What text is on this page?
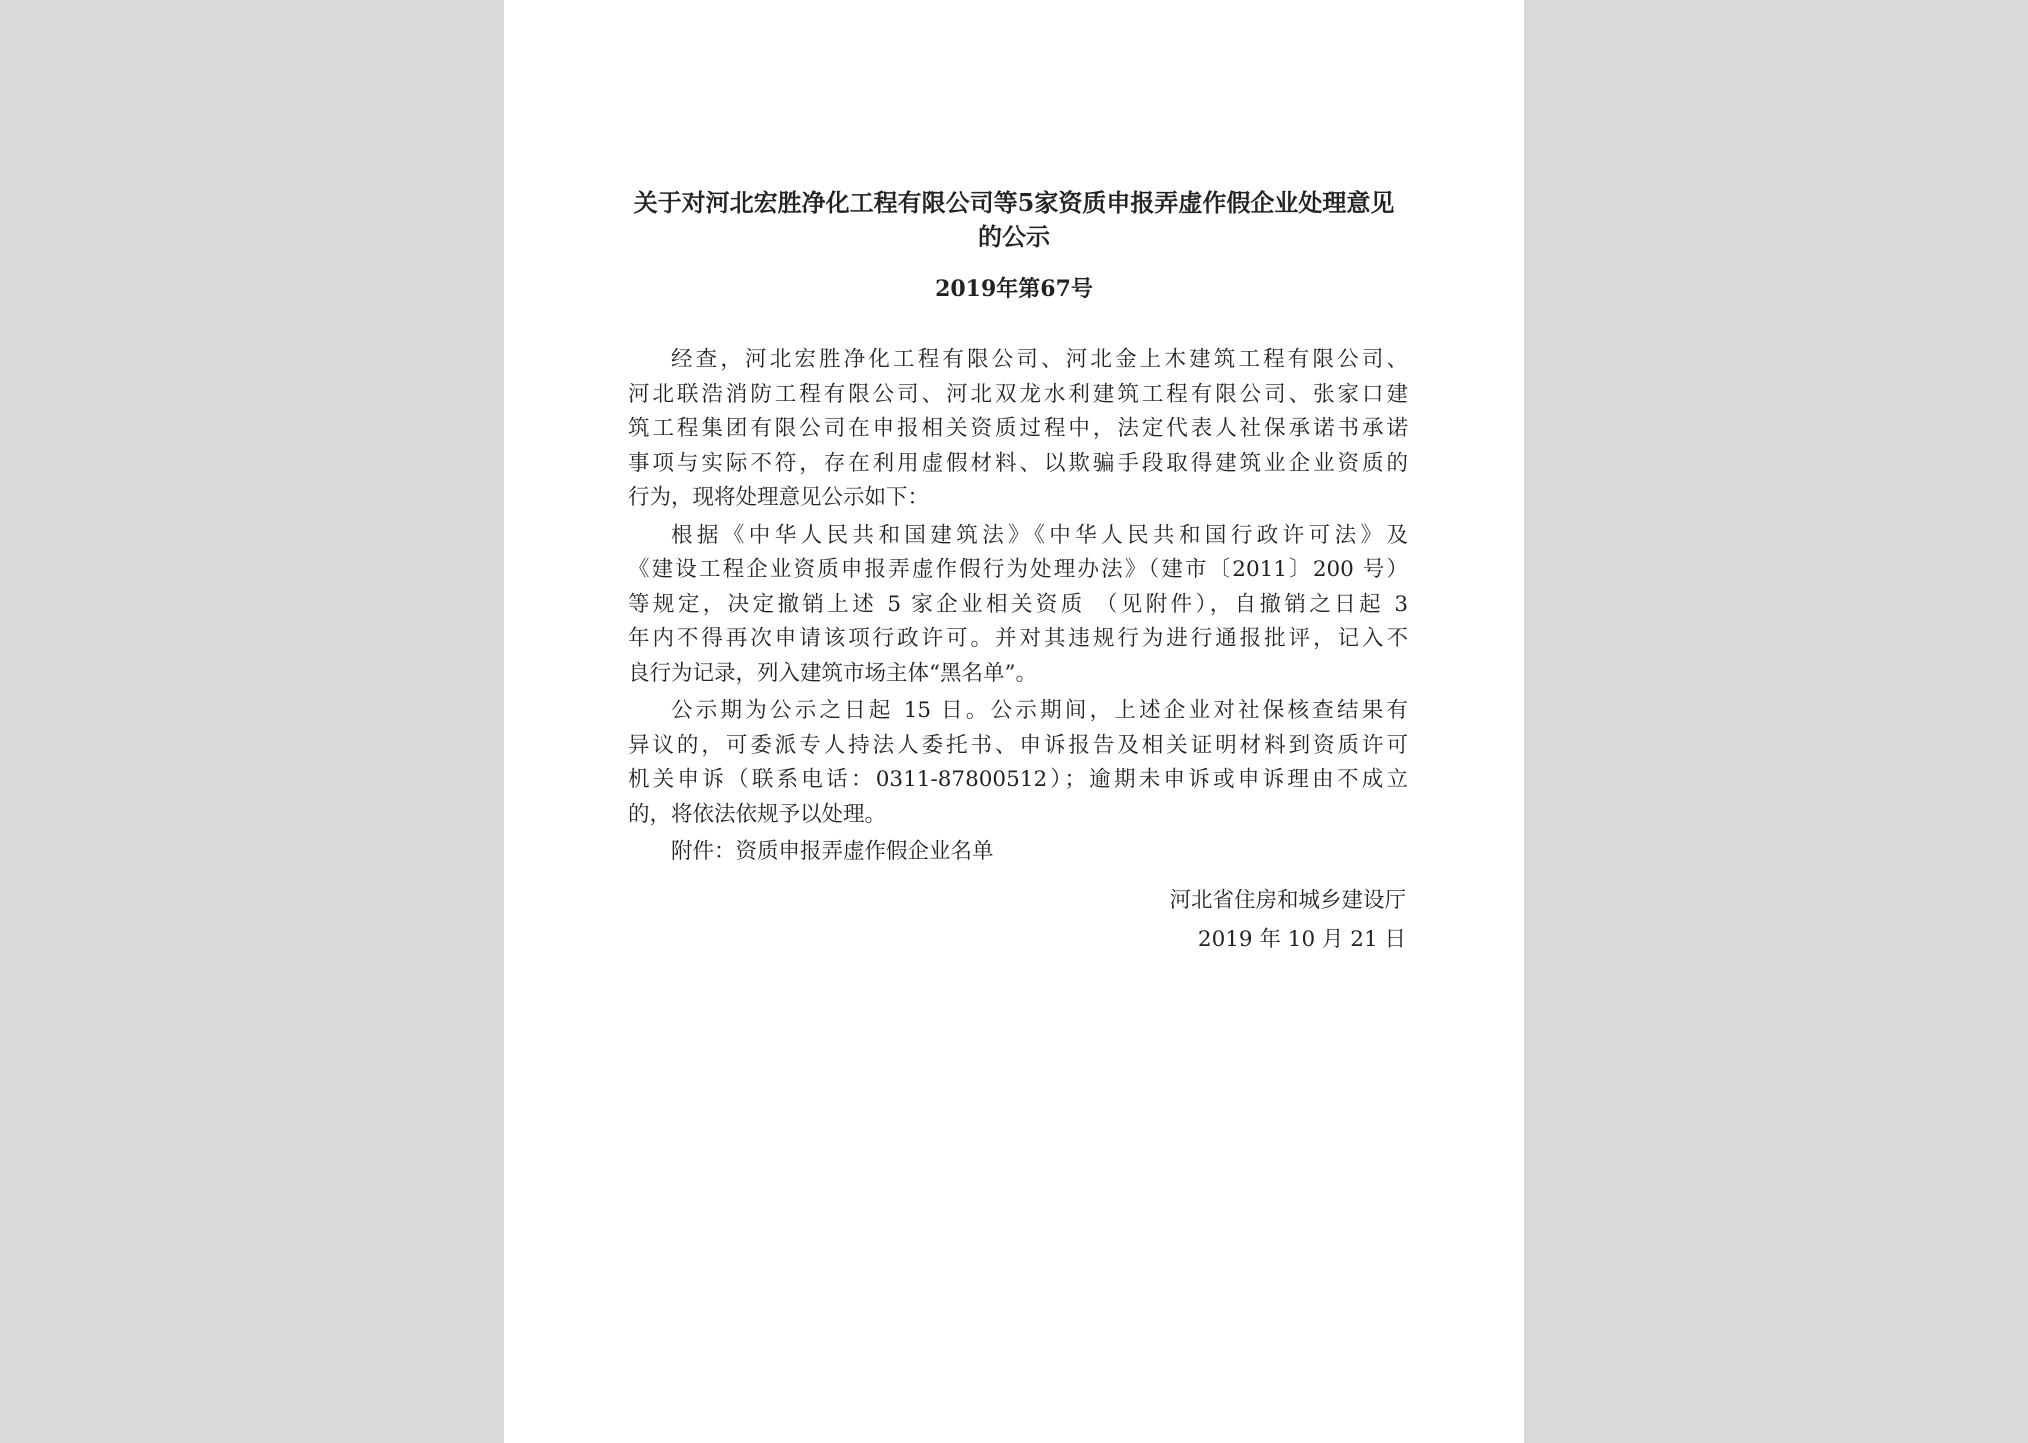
关于对河北宏胜净化工程有限公司等5家资质申报弄虚作假企业处理意见
的公示

2019年第67号

经查，河北宏胜净化工程有限公司、河北金上木建筑工程有限公司、
河北联浩消防工程有限公司、河北双龙水利建筑工程有限公司、张家口建
筑工程集团有限公司在申报相关资质过程中，法定代表人社保承诺书承诺
事项与实际不符，存在利用虚假材料、以欺骗手段取得建筑业企业资质的
行为，现将处理意见公示如下：
根据《中华人民共和国建筑法》《中华人民共和国行政许可法》及
《建设工程企业资质申报弄虚作假行为处理办法》（建市〔2011〕200 号）
等规定，决定撤销上述 5 家企业相关资质 （见附件），自撤销之日起 3
年内不得再次申请该项行政许可。并对其违规行为进行通报批评，记入不
良行为记录，列入建筑市场主体“黑名单”。
公示期为公示之日起 15 日。公示期间，上述企业对社保核查结果有
异议的，可委派专人持法人委托书、申诉报告及相关证明材料到资质许可
机关申诉（联系电话：0311-87800512）；逾期未申诉或申诉理由不成立
的，将依法依规予以处理。
附件：资质申报弄虚作假企业名单
河北省住房和城乡建设厅
2019 年 10 月 21 日
